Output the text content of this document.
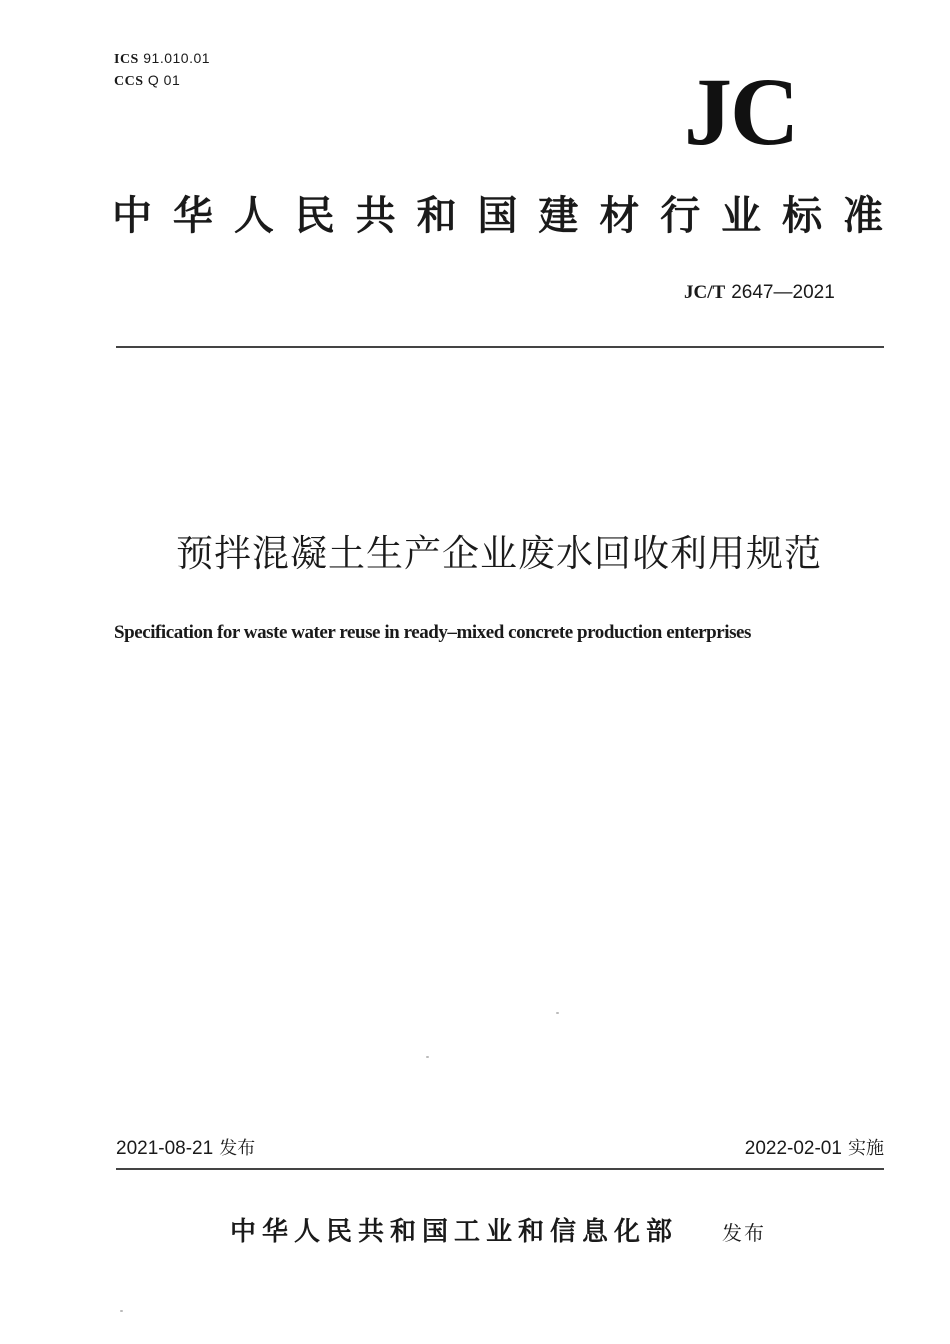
ICS 91.010.01
CCS Q 01	JC
中华人民共和国建材行业标准
JC/T 2647—2021
预拌混凝土生产企业废水回收利用规范
Specification for waste water reuse in ready–mixed concrete production enterprises
2021-08-21 发布	2022-02-01 实施
中华人民共和国工业和信息化部 发布
